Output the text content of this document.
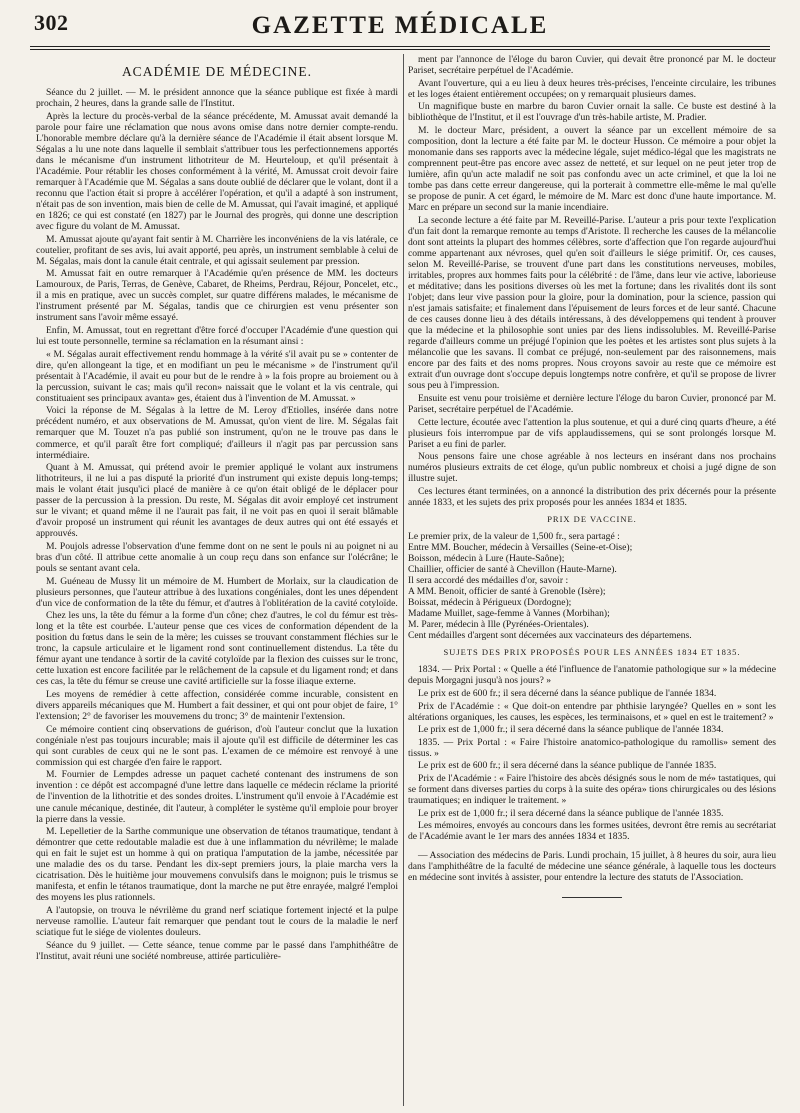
302	GAZETTE MÉDICALE
ACADÉMIE DE MÉDECINE.

Séance du 2 juillet. — M. le président annonce que la séance publique est fixée à mardi prochain, 2 heures, dans la grande salle de l'Institut.

Après la lecture du procès-verbal de la séance précédente, M. Amussat avait demandé la parole pour faire une réclamation que nous avons omise dans notre dernier compte-rendu. L'honorable membre déclare qu'à la dernière séance de l'Académie il était absent lorsque M. Ségalas a lu une note dans laquelle il semblait s'attribuer tous les perfectionnemens apportés dans le mécanisme d'un instrument lithotriteur de M. Heurteloup, et qu'il présentait à l'Académie. Pour rétablir les choses conformément à la vérité, M. Amussat croit devoir faire remarquer à l'Académie que M. Ségalas a sans doute oublié de déclarer que le volant, dont il a reconnu que l'action était si propre à accélérer l'opération, et qu'il a adapté à son instrument, n'était pas de son invention, mais bien de celle de M. Amussat, qui l'avait imaginé, et appliqué en 1826; ce qui est constaté (en 1827) par le Journal des progrès, qui donne une description avec figure du volant de M. Amussat.

M. Amussat ajoute qu'ayant fait sentir à M. Charrière les inconvéniens de la vis latérale, ce coutelier, profitant de ses avis, lui avait apporté, peu après, un instrument semblable à celui de M. Ségalas, mais dont la canule était centrale, et qui agissait seulement par pression.

M. Amussat fait en outre remarquer à l'Académie qu'en présence de MM. les docteurs Lamouroux, de Paris, Terras, de Genève, Cabaret, de Rheims, Perdrau, Réjour, Poncelet, etc., il a mis en pratique, avec un succès complet, sur quatre différens malades, le mécanisme de l'instrument présenté par M. Ségalas, tandis que ce chirurgien est venu présenter son instrument sans l'avoir même essayé.

Enfin, M. Amussat, tout en regrettant d'être forcé d'occuper l'Académie d'une question qui lui est toute personnelle, termine sa réclamation en la résumant ainsi :

« M. Ségalas aurait effectivement rendu hommage à la vérité s'il avait pu se » contenter de dire, qu'en allongeant la tige, et en modifiant un peu le mécanisme » de l'instrument qu'il présentait à l'Académie, il avait eu pour but de le rendre à » la fois propre au broiement ou à la percussion, suivant le cas; mais qu'il recon» naissait que le volant et la vis centrale, qui constituaient ses principaux avanta» ges, étaient dus à l'invention de M. Amussat. »

Voici la réponse de M. Ségalas à la lettre de M. Leroy d'Etiolles, insérée dans notre précédent numéro, et aux observations de M. Amussat, qu'on vient de lire. M. Ségalas fait remarquer que M. Touzet n'a pas publié son instrument, qu'on ne le trouve pas dans le commerce, et qu'il paraît être fort compliqué; d'ailleurs il n'agit pas par percussion sans intermédiaire.

Quant à M. Amussat, qui prétend avoir le premier appliqué le volant aux instrumens lithotriteurs, il ne lui a pas disputé la priorité d'un instrument qui existe depuis long-temps; mais le volant était jusqu'ici placé de manière à ce qu'on était obligé de le déplacer pour passer de la percussion à la pression. Du reste, M. Ségalas dit avoir employé cet instrument sur le vivant; et quand même il ne l'aurait pas fait, il ne voit pas en quoi il serait blâmable d'avoir proposé un instrument qui réunit les avantages de deux autres qui ont été essayés et approuvés.

M. Poujols adresse l'observation d'une femme dont on ne sent le pouls ni au poignet ni au bras d'un côté. Il attribue cette anomalie à un coup reçu dans son enfance sur l'olécrâne; le pouls se sentant avant cela.

M. Guéneau de Mussy lit un mémoire de M. Humbert de Morlaix, sur la claudication de plusieurs personnes, que l'auteur attribue à des luxations congéniales, dont les unes dépendent d'un vice de conformation de la tête du fémur, et d'autres à l'oblitération de la cavité cotyloïde.

Chez les uns, la tête du fémur a la forme d'un cône; chez d'autres, le col du fémur est très-long et la tête est courbée. L'auteur pense que ces vices de conformation dépendent de la position du fœtus dans le sein de la mère; les cuisses se trouvant constamment fléchies sur le tronc, la capsule articulaire et le ligament rond sont continuellement distendus. La tête du fémur ayant une tendance à sortir de la cavité cotyloïde par la flexion des cuisses sur le tronc, cette luxation est encore facilitée par le relâchement de la capsule et du ligament rond; et dans ces cas, la tête du fémur se creuse une cavité artificielle sur la fosse iliaque externe.

Les moyens de remédier à cette affection, considérée comme incurable, consistent en divers appareils mécaniques que M. Humbert a fait dessiner, et qui ont pour objet de faire, 1° l'extension; 2° de favoriser les mouvemens du tronc; 3° de maintenir l'extension.

Ce mémoire contient cinq observations de guérison, d'où l'auteur conclut que la luxation congéniale n'est pas toujours incurable; mais il ajoute qu'il est difficile de déterminer les cas qui sont curables de ceux qui ne le sont pas. L'examen de ce mémoire est renvoyé à une commission qui est chargée d'en faire le rapport.

M. Fournier de Lempdes adresse un paquet cacheté contenant des instrumens de son invention : ce dépôt est accompagné d'une lettre dans laquelle ce médecin réclame la priorité de l'invention de la lithotritie et des sondes droites. L'instrument qu'il envoie à l'Académie est une canule mécanique, destinée, dit l'auteur, à compléter le système qu'il emploie pour broyer la pierre dans la vessie.

M. Lepelletier de la Sarthe communique une observation de tétanos traumatique, tendant à démontrer que cette redoutable maladie est due à une inflammation du névrilème; le malade qui en fait le sujet est un homme à qui on pratiqua l'amputation de la jambe, nécessitée par une maladie des os du tarse. Pendant les dix-sept premiers jours, la plaie marcha vers la cicatrisation. Dès le huitième jour mouvemens convulsifs dans le moignon; puis le trismus se manifesta, et enfin le tétanos traumatique, dont la marche ne put être enrayée, malgré l'emploi des moyens les plus rationnels.

A l'autopsie, on trouva le névrilème du grand nerf sciatique fortement injecté et la pulpe nerveuse ramollie. L'auteur fait remarquer que pendant tout le cours de la maladie le nerf sciatique fut le siége de violentes douleurs.

Séance du 9 juillet. — Cette séance, tenue comme par le passé dans l'amphithéâtre de l'Institut, avait réuni une société nombreuse, attirée particulière-

ment par l'annonce de l'éloge du baron Cuvier, qui devait être prononcé par M. le docteur Pariset, secrétaire perpétuel de l'Académie.

Avant l'ouverture, qui a eu lieu à deux heures très-précises, l'enceinte circulaire, les tribunes et les loges étaient entièrement occupées; on y remarquait plusieurs dames.

Un magnifique buste en marbre du baron Cuvier ornait la salle. Ce buste est destiné à la bibliothèque de l'Institut, et il est l'ouvrage d'un très-habile artiste, M. Pradier.

M. le docteur Marc, président, a ouvert la séance par un excellent mémoire de sa composition, dont la lecture a été faite par M. le docteur Husson. Ce mémoire a pour objet la monomanie dans ses rapports avec la médecine légale, sujet médico-légal que les magistrats ne comprennent peut-être pas encore avec assez de netteté, et sur lequel on ne peut jeter trop de lumière, afin qu'un acte maladif ne soit pas confondu avec un acte criminel, et que la loi ne tombe pas dans cette erreur dangereuse, qui la porterait à commettre elle-même le mal qu'elle se propose de punir. A cet égard, le mémoire de M. Marc est donc d'une haute importance. M. Marc en prépare un second sur la manie incendiaire.

La seconde lecture a été faite par M. Reveillé-Parise. L'auteur a pris pour texte l'explication d'un fait dont la remarque remonte au temps d'Aristote. Il recherche les causes de la mélancolie dont sont atteints la plupart des hommes célèbres, sorte d'affection que l'on regarde aujourd'hui comme appartenant aux névroses, quel qu'en soit d'ailleurs le siége primitif. Or, ces causes, selon M. Reveillé-Parise, se trouvent d'une part dans les constitutions nerveuses, mobiles, irritables, propres aux hommes faits pour la célébrité : de l'âme, dans leur vie active, laborieuse et méditative; dans les positions diverses où les met la fortune; dans les rivalités dont ils sont l'objet; dans leur vive passion pour la gloire, pour la domination, pour la science, passion qui n'est jamais satisfaite; et finalement dans l'épuisement de leurs forces et de leur santé. Chacune de ces causes donne lieu à des détails intéressans, à des développemens qui tendent à prouver que la médecine et la philosophie sont unies par des liens indissolubles. M. Reveillé-Parise regarde d'ailleurs comme un préjugé l'opinion que les poètes et les artistes sont plus sujets à la mélancolie que les savans. Il combat ce préjugé, non-seulement par des raisonnemens, mais encore par des faits et des noms propres. Nous croyons savoir au reste que ce mémoire est extrait d'un ouvrage dont s'occupe depuis longtemps notre confrère, et qu'il se propose de livrer sous peu à l'impression.

Ensuite est venu pour troisième et dernière lecture l'éloge du baron Cuvier, prononcé par M. Pariset, secrétaire perpétuel de l'Académie.

Cette lecture, écoutée avec l'attention la plus soutenue, et qui a duré cinq quarts d'heure, a été plusieurs fois interrompue par de vifs applaudissemens, qui se sont prolongés lorsque M. Pariset a eu fini de parler.

Nous pensons faire une chose agréable à nos lecteurs en insérant dans nos prochains numéros plusieurs extraits de cet éloge, qu'un public nombreux et choisi a jugé digne de son illustre sujet.

Ces lectures étant terminées, on a annoncé la distribution des prix décernés pour la présente année 1833, et les sujets des prix proposés pour les années 1834 et 1835.

PRIX DE VACCINE.

Le premier prix, de la valeur de 1,500 fr., sera partagé :

Entre MM. Boucher, médecin à Versailles (Seine-et-Oise);

Boisson, médecin à Lure (Haute-Saône);

Chaillier, officier de santé à Chevillon (Haute-Marne).

Il sera accordé des médailles d'or, savoir :

A MM. Benoit, officier de santé à Grenoble (Isère);

Boissat, médecin à Périgueux (Dordogne);

Madame Muillet, sage-femme à Vannes (Morbihan);

M. Parer, médecin à Ille (Pyrénées-Orientales).

Cent médailles d'argent sont décernées aux vaccinateurs des départemens.

SUJETS DES PRIX PROPOSÉS POUR LES ANNÉES 1834 ET 1835.

1834. — Prix Portal : « Quelle a été l'influence de l'anatomie pathologique sur » la médecine depuis Morgagni jusqu'à nos jours? »

Le prix est de 600 fr.; il sera décerné dans la séance publique de l'année 1834.

Prix de l'Académie : « Que doit-on entendre par phthisie laryngée? Quelles en » sont les altérations organiques, les causes, les espèces, les terminaisons, et » quel en est le traitement? »

Le prix est de 1,000 fr.; il sera décerné dans la séance publique de l'année 1834.

1835. — Prix Portal : « Faire l'histoire anatomico-pathologique du ramollis» sement des tissus. »

Le prix est de 600 fr.; il sera décerné dans la séance publique de l'année 1835.

Prix de l'Académie : « Faire l'histoire des abcès désignés sous le nom de mé» tastatiques, qui se forment dans diverses parties du corps à la suite des opéra» tions chirurgicales ou des lésions traumatiques; en indiquer le traitement. »

Le prix est de 1,000 fr.; il sera décerné dans la séance publique de l'année 1835.

Les mémoires, envoyés au concours dans les formes usitées, devront être remis au secrétariat de l'Académie avant le 1er mars des années 1834 et 1835.

— Association des médecins de Paris. Lundi prochain, 15 juillet, à 8 heures du soir, aura lieu dans l'amphithéâtre de la faculté de médecine une séance générale, à laquelle tous les docteurs en médecine sont invités à assister, pour entendre la lecture des statuts de l'Association.
